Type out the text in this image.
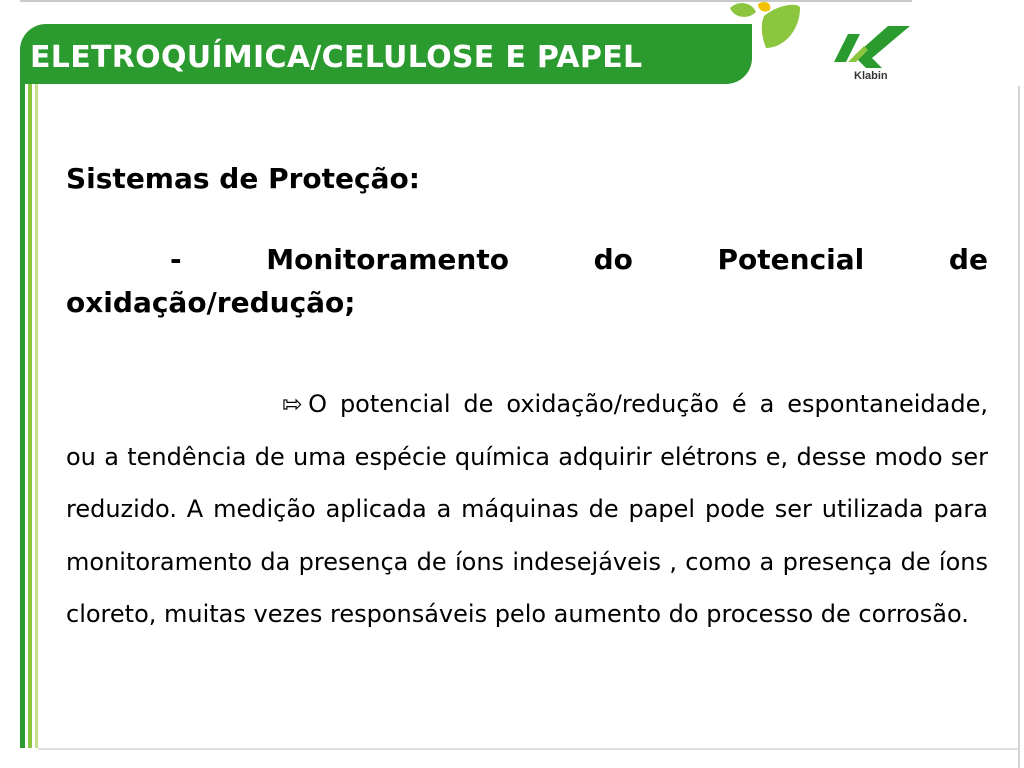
ELETROQUÍMICA/CELULOSE E PAPEL
Klabin
Sistemas de Proteção:
-	Monitoramento	do	Potencial	de
oxidação/redução;
⇰ O potencial de oxidação/redução é a espontaneidade, ou a tendência de uma espécie química adquirir elétrons e, desse modo ser reduzido. A medição aplicada a máquinas de papel pode ser utilizada para monitoramento da presença de íons indesejáveis , como a presença de íons cloreto, muitas vezes responsáveis pelo aumento do processo de corrosão.
